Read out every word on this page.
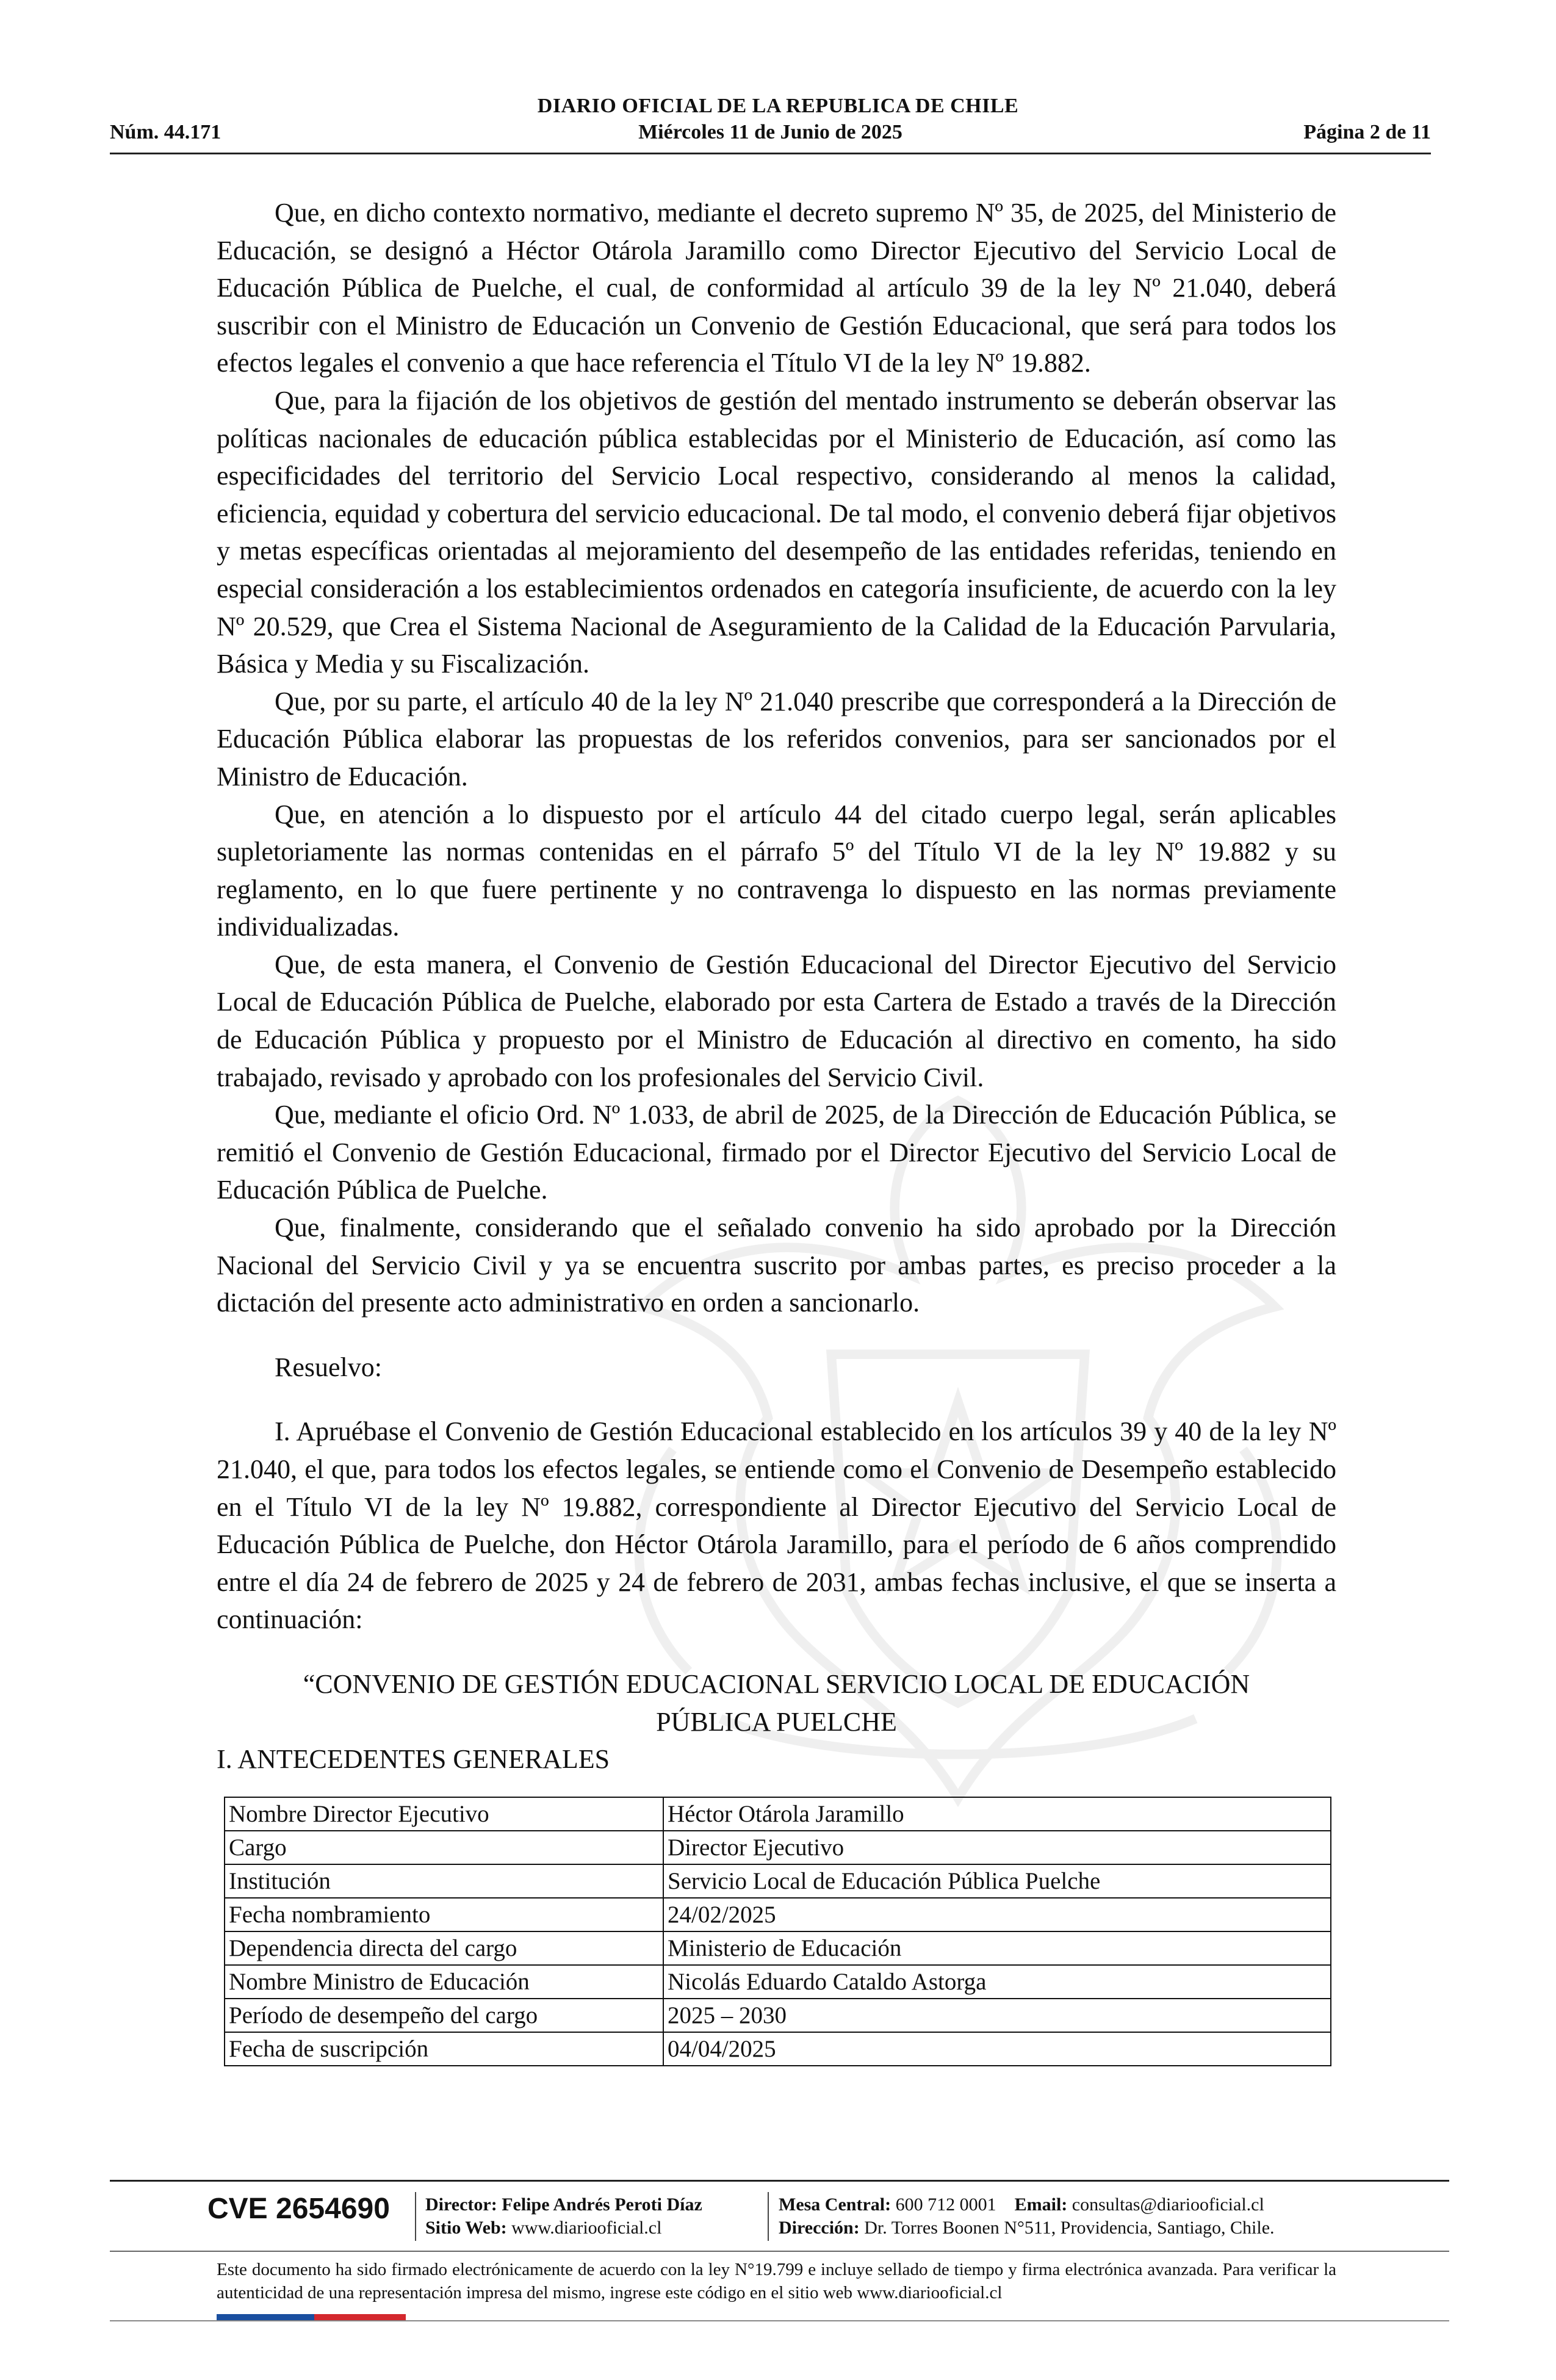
DIARIO OFICIAL DE LA REPUBLICA DE CHILE
Núm. 44.171	Miércoles 11 de Junio de 2025	Página 2 de 11

Que, en dicho contexto normativo, mediante el decreto supremo Nº 35, de 2025, del Ministerio de Educación, se designó a Héctor Otárola Jaramillo como Director Ejecutivo del Servicio Local de Educación Pública de Puelche, el cual, de conformidad al artículo 39 de la ley Nº 21.040, deberá suscribir con el Ministro de Educación un Convenio de Gestión Educacional, que será para todos los efectos legales el convenio a que hace referencia el Título VI de la ley Nº 19.882.

Que, para la fijación de los objetivos de gestión del mentado instrumento se deberán observar las políticas nacionales de educación pública establecidas por el Ministerio de Educación, así como las especificidades del territorio del Servicio Local respectivo, considerando al menos la calidad, eficiencia, equidad y cobertura del servicio educacional. De tal modo, el convenio deberá fijar objetivos y metas específicas orientadas al mejoramiento del desempeño de las entidades referidas, teniendo en especial consideración a los establecimientos ordenados en categoría insuficiente, de acuerdo con la ley Nº 20.529, que Crea el Sistema Nacional de Aseguramiento de la Calidad de la Educación Parvularia, Básica y Media y su Fiscalización.

Que, por su parte, el artículo 40 de la ley Nº 21.040 prescribe que corresponderá a la Dirección de Educación Pública elaborar las propuestas de los referidos convenios, para ser sancionados por el Ministro de Educación.

Que, en atención a lo dispuesto por el artículo 44 del citado cuerpo legal, serán aplicables supletoriamente las normas contenidas en el párrafo 5º del Título VI de la ley Nº 19.882 y su reglamento, en lo que fuere pertinente y no contravenga lo dispuesto en las normas previamente individualizadas.

Que, de esta manera, el Convenio de Gestión Educacional del Director Ejecutivo del Servicio Local de Educación Pública de Puelche, elaborado por esta Cartera de Estado a través de la Dirección de Educación Pública y propuesto por el Ministro de Educación al directivo en comento, ha sido trabajado, revisado y aprobado con los profesionales del Servicio Civil.

Que, mediante el oficio Ord. Nº 1.033, de abril de 2025, de la Dirección de Educación Pública, se remitió el Convenio de Gestión Educacional, firmado por el Director Ejecutivo del Servicio Local de Educación Pública de Puelche.

Que, finalmente, considerando que el señalado convenio ha sido aprobado por la Dirección Nacional del Servicio Civil y ya se encuentra suscrito por ambas partes, es preciso proceder a la dictación del presente acto administrativo en orden a sancionarlo.

Resuelvo:

I. Apruébase el Convenio de Gestión Educacional establecido en los artículos 39 y 40 de la ley Nº 21.040, el que, para todos los efectos legales, se entiende como el Convenio de Desempeño establecido en el Título VI de la ley Nº 19.882, correspondiente al Director Ejecutivo del Servicio Local de Educación Pública de Puelche, don Héctor Otárola Jaramillo, para el período de 6 años comprendido entre el día 24 de febrero de 2025 y 24 de febrero de 2031, ambas fechas inclusive, el que se inserta a continuación:

“CONVENIO DE GESTIÓN EDUCACIONAL SERVICIO LOCAL DE EDUCACIÓN
PÚBLICA PUELCHE

I. ANTECEDENTES GENERALES

Nombre Director Ejecutivo	Héctor Otárola Jaramillo
Cargo	Director Ejecutivo
Institución	Servicio Local de Educación Pública Puelche
Fecha nombramiento	24/02/2025
Dependencia directa del cargo	Ministerio de Educación
Nombre Ministro de Educación	Nicolás Eduardo Cataldo Astorga
Período de desempeño del cargo	2025 – 2030
Fecha de suscripción	04/04/2025
CVE 2654690 Director: Felipe Andrés Peroti Díaz
Sitio Web: www.diariooficial.cl
Mesa Central: 600 712 0001 Email: consultas@diariooficial.cl
Dirección: Dr. Torres Boonen N°511, Providencia, Santiago, Chile.
Este documento ha sido firmado electrónicamente de acuerdo con la ley N°19.799 e incluye sellado de tiempo y firma electrónica avanzada. Para verificar la autenticidad de una representación impresa del mismo, ingrese este código en el sitio web www.diariooficial.cl
